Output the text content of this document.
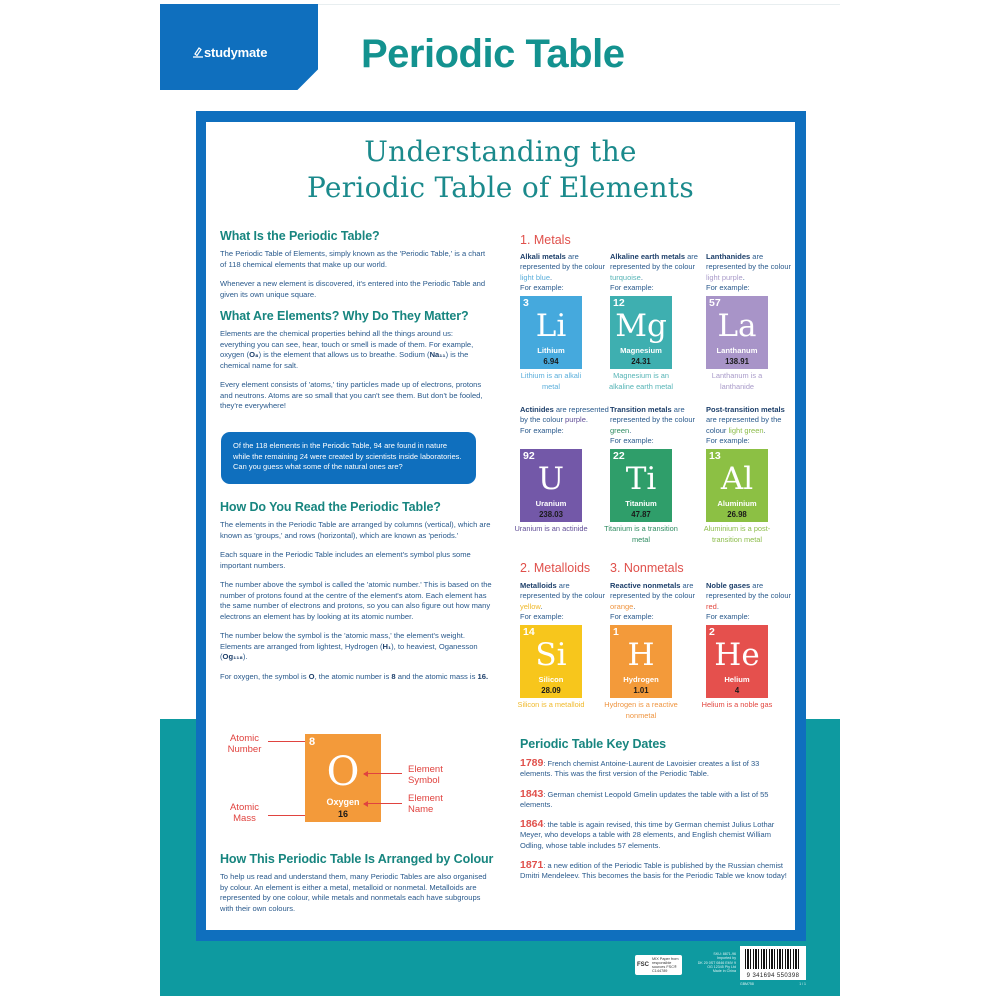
studymate Periodic Table
Understanding the
Periodic Table of Elements
What Is the Periodic Table?

The Periodic Table of Elements, simply known as the 'Periodic Table,' is a chart of 118 chemical elements that make up our world.

Whenever a new element is discovered, it's entered into the Periodic Table and given its own unique square.

What Are Elements? Why Do They Matter?

Elements are the chemical properties behind all the things around us: everything you can see, hear, touch or smell is made of them. For example, oxygen (O₈) is the element that allows us to breathe. Sodium (Na₁₁) is the chemical name for salt.

Every element consists of 'atoms,' tiny particles made up of electrons, protons and neutrons. Atoms are so small that you can't see them. But don't be fooled, they're everywhere!

Of the 118 elements in the Periodic Table, 94 are found in nature while the remaining 24 were created by scientists inside laboratories. Can you guess what some of the natural ones are?
How Do You Read the Periodic Table?

The elements in the Periodic Table are arranged by columns (vertical), which are known as 'groups,' and rows (horizontal), which are known as 'periods.'

Each square in the Periodic Table includes an element's symbol plus some important numbers.

The number above the symbol is called the 'atomic number.' This is based on the number of protons found at the centre of the element's atom. Each element has the same number of electrons and protons, so you can also figure out how many electrons an element has by looking at its atomic number.

The number below the symbol is the 'atomic mass,' the element's weight. Elements are arranged from lightest, Hydrogen (H₁), to heaviest, Oganesson (Og₁₁₈).

For oxygen, the symbol is O, the atomic number is 8 and the atomic mass is 16.

Atomic Number
Atomic Mass
8
O
Oxygen
16
Element Symbol
Element Name
How This Periodic Table Is Arranged by Colour

To help us read and understand them, many Periodic Tables are also organised by colour. An element is either a metal, metalloid or nonmetal. Metalloids are represented by one colour, while metals and nonmetals each have subgroups with their own colours.

1. Metals
2. Metalloids 3. Nonmetals
Alkali metals are represented by the colour light blue.
For example:
3
Li
Lithium
6.94
Lithium is an alkali metal
Alkaline earth metals are represented by the colour turquoise.
For example:
12
Mg
Magnesium
24.31
Magnesium is an alkaline earth metal
Lanthanides are represented by the colour light purple.
For example:
57
La
Lanthanum
138.91
Lanthanum is a lanthanide
Actinides are represented by the colour purple.
For example:
92
U
Uranium
238.03
Uranium is an actinide
Transition metals are represented by the colour green.
For example:
22
Ti
Titanium
47.87
Titanium is a transition metal
Post-transition metals are represented by the colour light green.
For example:
13
Al
Aluminium
26.98
Aluminium is a post-transition metal
Metalloids are represented by the colour yellow.
For example:
14
Si
Silicon
28.09
Silicon is a metalloid
Reactive nonmetals are represented by the colour orange.
For example:
1
H
Hydrogen
1.01
Hydrogen is a reactive nonmetal
Noble gases are represented by the colour red.
For example:
2
He
Helium
4
Helium is a noble gas
Periodic Table Key Dates

1789: French chemist Antoine-Laurent de Lavoisier creates a list of 33 elements. This was the first version of the Periodic Table.

1843: German chemist Leopold Gmelin updates the table with a list of 55 elements.

1864: the table is again revised, this time by German chemist Julius Lothar Meyer, who develops a table with 28 elements, and English chemist William Odling, whose table includes 57 elements.

1871: a new edition of the Periodic Table is published by the Russian chemist Dmitri Mendeleev. This becomes the basis for the Periodic Table we know today!

FSC
MIX Paper from responsible sources FSC® C144789
SKU: 8871-96
Imported by
DK 20 0ST 0846 EMV 9
OG 12345 Pty Ltd
Made in China
9 341694 550398
GBM758	1 / 1
